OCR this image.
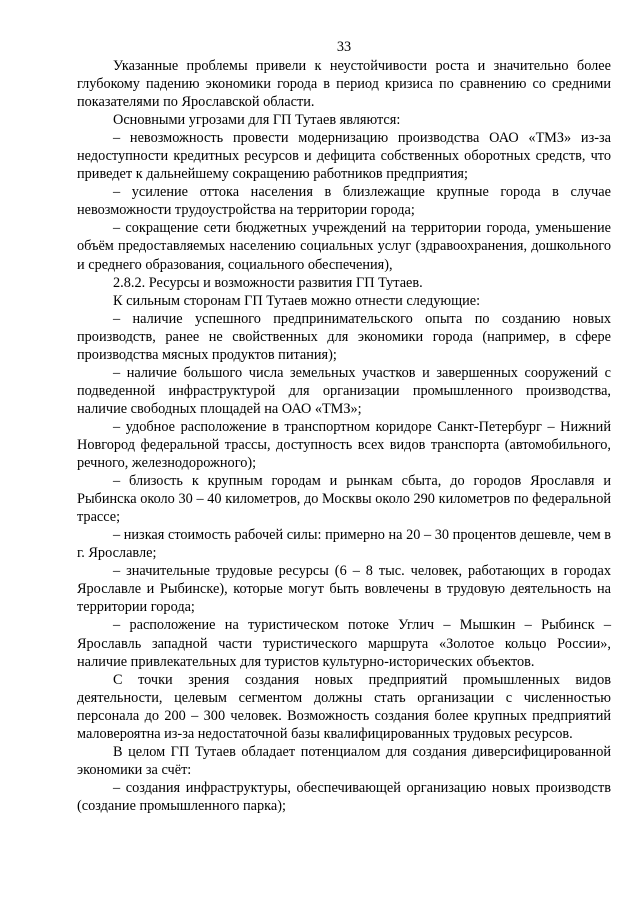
33

Указанные проблемы привели к неустойчивости роста и значительно более глубокому падению экономики города в период кризиса по сравнению со средними показателями по Ярославской области.

Основными угрозами для ГП Тутаев являются:

– невозможность провести модернизацию производства ОАО «ТМЗ» из-за недоступности кредитных ресурсов и дефицита собственных оборотных средств, что приведет к дальнейшему сокращению работников предприятия;

– усиление оттока населения в близлежащие крупные города в случае невозможности трудоустройства на территории города;

– сокращение сети бюджетных учреждений на территории города, уменьшение объём предоставляемых населению социальных услуг (здравоохранения, дошкольного и среднего образования, социального обеспечения),

2.8.2. Ресурсы и возможности развития ГП Тутаев.

К сильным сторонам ГП Тутаев можно отнести следующие:

– наличие успешного предпринимательского опыта по созданию новых производств, ранее не свойственных для экономики города (например, в сфере производства мясных продуктов питания);

– наличие большого числа земельных участков и завершенных сооружений с подведенной инфраструктурой для организации промышленного производства, наличие свободных площадей на ОАО «ТМЗ»;

– удобное расположение в транспортном коридоре Санкт-Петербург – Нижний Новгород федеральной трассы, доступность всех видов транспорта (автомобильного, речного, железнодорожного);

– близость к крупным городам и рынкам сбыта, до городов Ярославля и Рыбинска около 30 – 40 километров, до Москвы около 290 километров по федеральной трассе;

– низкая стоимость рабочей силы: примерно на 20 – 30 процентов дешевле, чем в г. Ярославле;

– значительные трудовые ресурсы (6 – 8 тыс. человек, работающих в городах Ярославле и Рыбинске), которые могут быть вовлечены в трудовую деятельность на территории города;

– расположение на туристическом потоке Углич – Мышкин – Рыбинск – Ярославль западной части туристического маршрута «Золотое кольцо России», наличие привлекательных для туристов культурно-исторических объектов.

С точки зрения создания новых предприятий промышленных видов деятельности, целевым сегментом должны стать организации с численностью персонала до 200 – 300 человек. Возможность создания более крупных предприятий маловероятна из-за недостаточной базы квалифицированных трудовых ресурсов.

В целом ГП Тутаев обладает потенциалом для создания диверсифицированной экономики за счёт:

– создания инфраструктуры, обеспечивающей организацию новых производств (создание промышленного парка);
